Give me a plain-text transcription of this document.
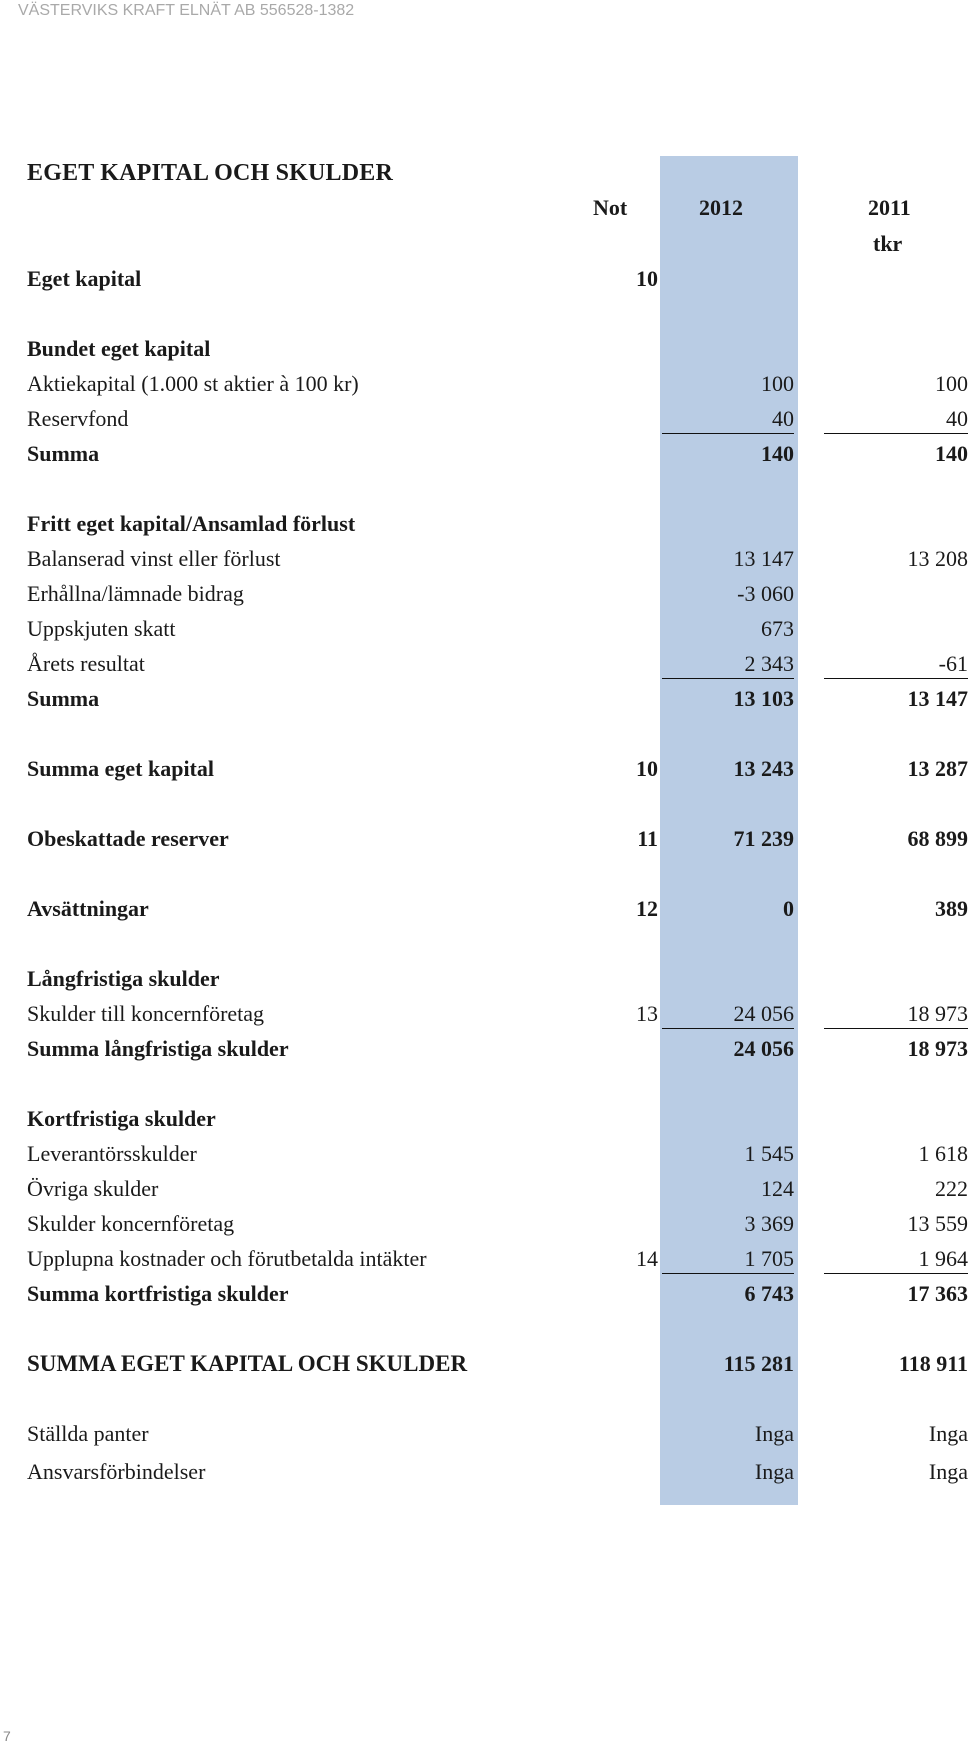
VÄSTERVIKS KRAFT ELNÄT AB 556528-1382
EGET KAPITAL OCH SKULDER
Not	2012	2011
tkr
Eget kapital	10
Bundet eget kapital
Aktiekapital (1.000 st aktier à 100 kr)	100	100
Reservfond	40	40
Summa	140	140
Fritt eget kapital/Ansamlad förlust
Balanserad vinst eller förlust	13 147	13 208
Erhållna/lämnade bidrag	-3 060
Uppskjuten skatt	673
Årets resultat	2 343	-61
Summa	13 103	13 147
Summa eget kapital	10	13 243	13 287
Obeskattade reserver	11	71 239	68 899
Avsättningar	12	0	389
Långfristiga skulder
Skulder till koncernföretag	13	24 056	18 973
Summa långfristiga skulder	24 056	18 973
Kortfristiga skulder
Leverantörsskulder	1 545	1 618
Övriga skulder	124	222
Skulder koncernföretag	3 369	13 559
Upplupna kostnader och förutbetalda intäkter	14	1 705	1 964
Summa kortfristiga skulder	6 743	17 363
SUMMA EGET KAPITAL OCH SKULDER	115 281	118 911
Ställda panter	Inga	Inga
Ansvarsförbindelser	Inga	Inga
7
